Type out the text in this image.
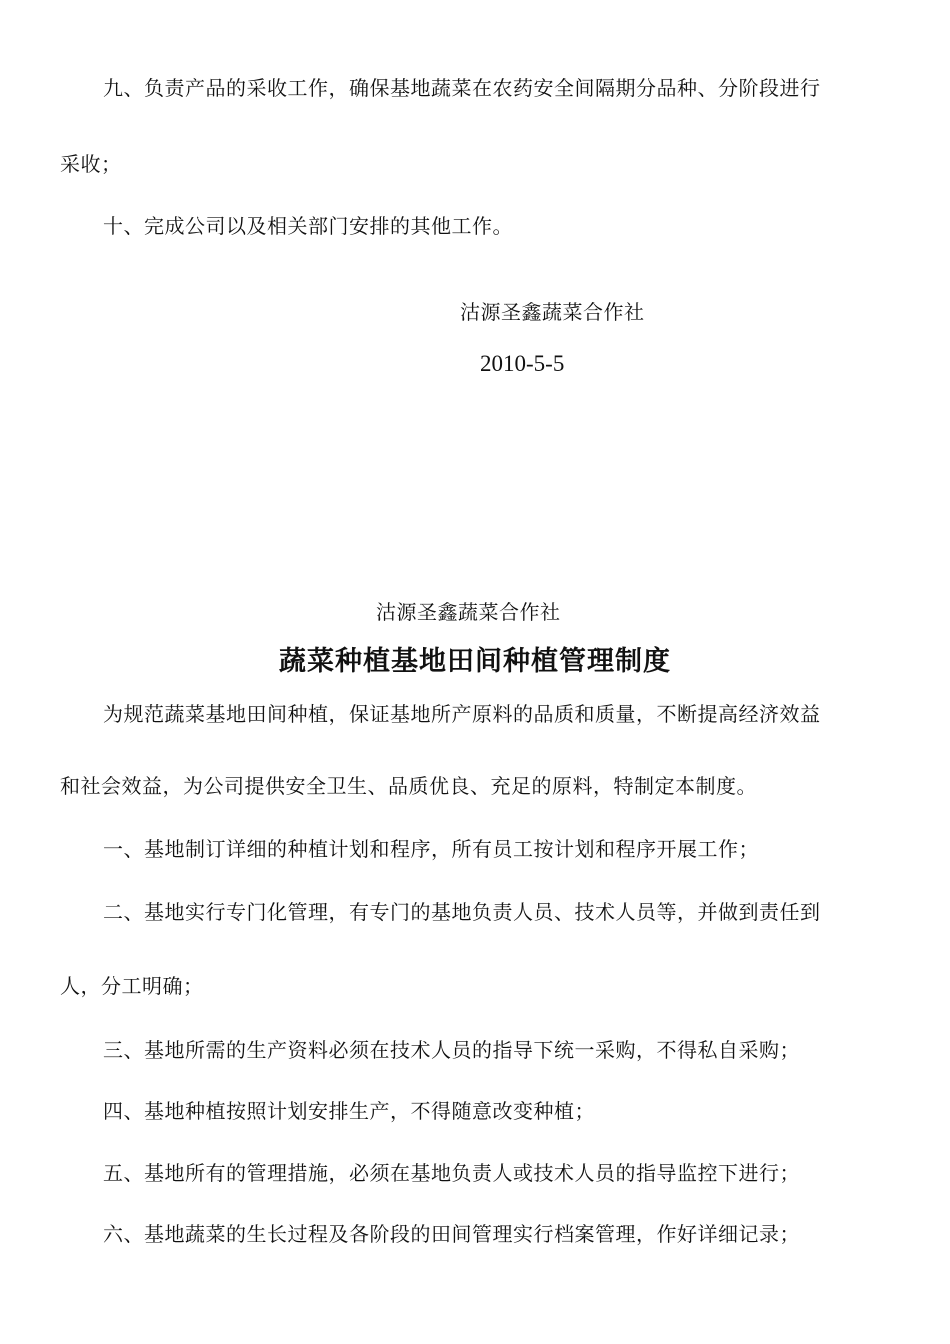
九、负责产品的采收工作，确保基地蔬菜在农药安全间隔期分品种、分阶段进行
采收；
十、完成公司以及相关部门安排的其他工作。
沽源圣鑫蔬菜合作社
2010-5-5
沽源圣鑫蔬菜合作社
蔬菜种植基地田间种植管理制度
为规范蔬菜基地田间种植，保证基地所产原料的品质和质量，不断提高经济效益
和社会效益，为公司提供安全卫生、品质优良、充足的原料，特制定本制度。
一、基地制订详细的种植计划和程序，所有员工按计划和程序开展工作；
二、基地实行专门化管理，有专门的基地负责人员、技术人员等，并做到责任到
人，分工明确；
三、基地所需的生产资料必须在技术人员的指导下统一采购，不得私自采购；
四、基地种植按照计划安排生产，不得随意改变种植；
五、基地所有的管理措施，必须在基地负责人或技术人员的指导监控下进行；
六、基地蔬菜的生长过程及各阶段的田间管理实行档案管理，作好详细记录；
